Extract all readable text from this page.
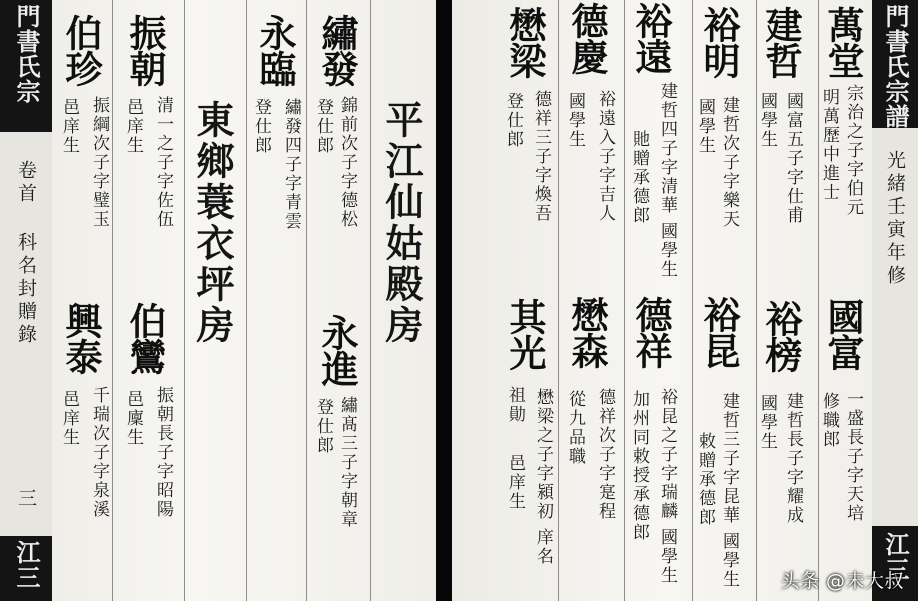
門書氏宗
卷首 科名封贈錄
三
江三
平江仙姑殿房
東鄉蓑衣坪房
繡發
錦前次子字德松
登仕郎
永臨
繡發四子字青雲
登仕郎
振朝
清一之子字佐伍
邑庠生
伯珍
振綱次子字璧玉
邑庠生
永進
繡髙三子字朝章
登仕郎
伯鸞
振朝長子字昭陽
邑廩生
興泰
千瑞次子字泉溪
邑庠生
門書氏宗譜
光緒壬寅年修
江三
萬堂
宗治之子字伯元
明萬歷中進士
建哲
國富五子字仕甫
國學生
裕明
建哲次子字樂天
國學生
裕遠
建哲四子字清華
國學生
貤贈承德郎
德慶
裕遠入子字吉人
國學生
懋梁
德祥三子字煥吾
登仕郎
國富
一盛長子字天培
修職郎
裕榜
建哲長子字耀成
國學生
裕昆
建哲三子字昆華
國學生
敕贈承德郎
德祥
裕昆之子字瑞麟
國學生
加州同敕授承德郎
懋森
德祥次子字寔程
從九品職
其光
懋梁之子字潁初
庠名
祖勛
邑庠生
头条 @未大叔
